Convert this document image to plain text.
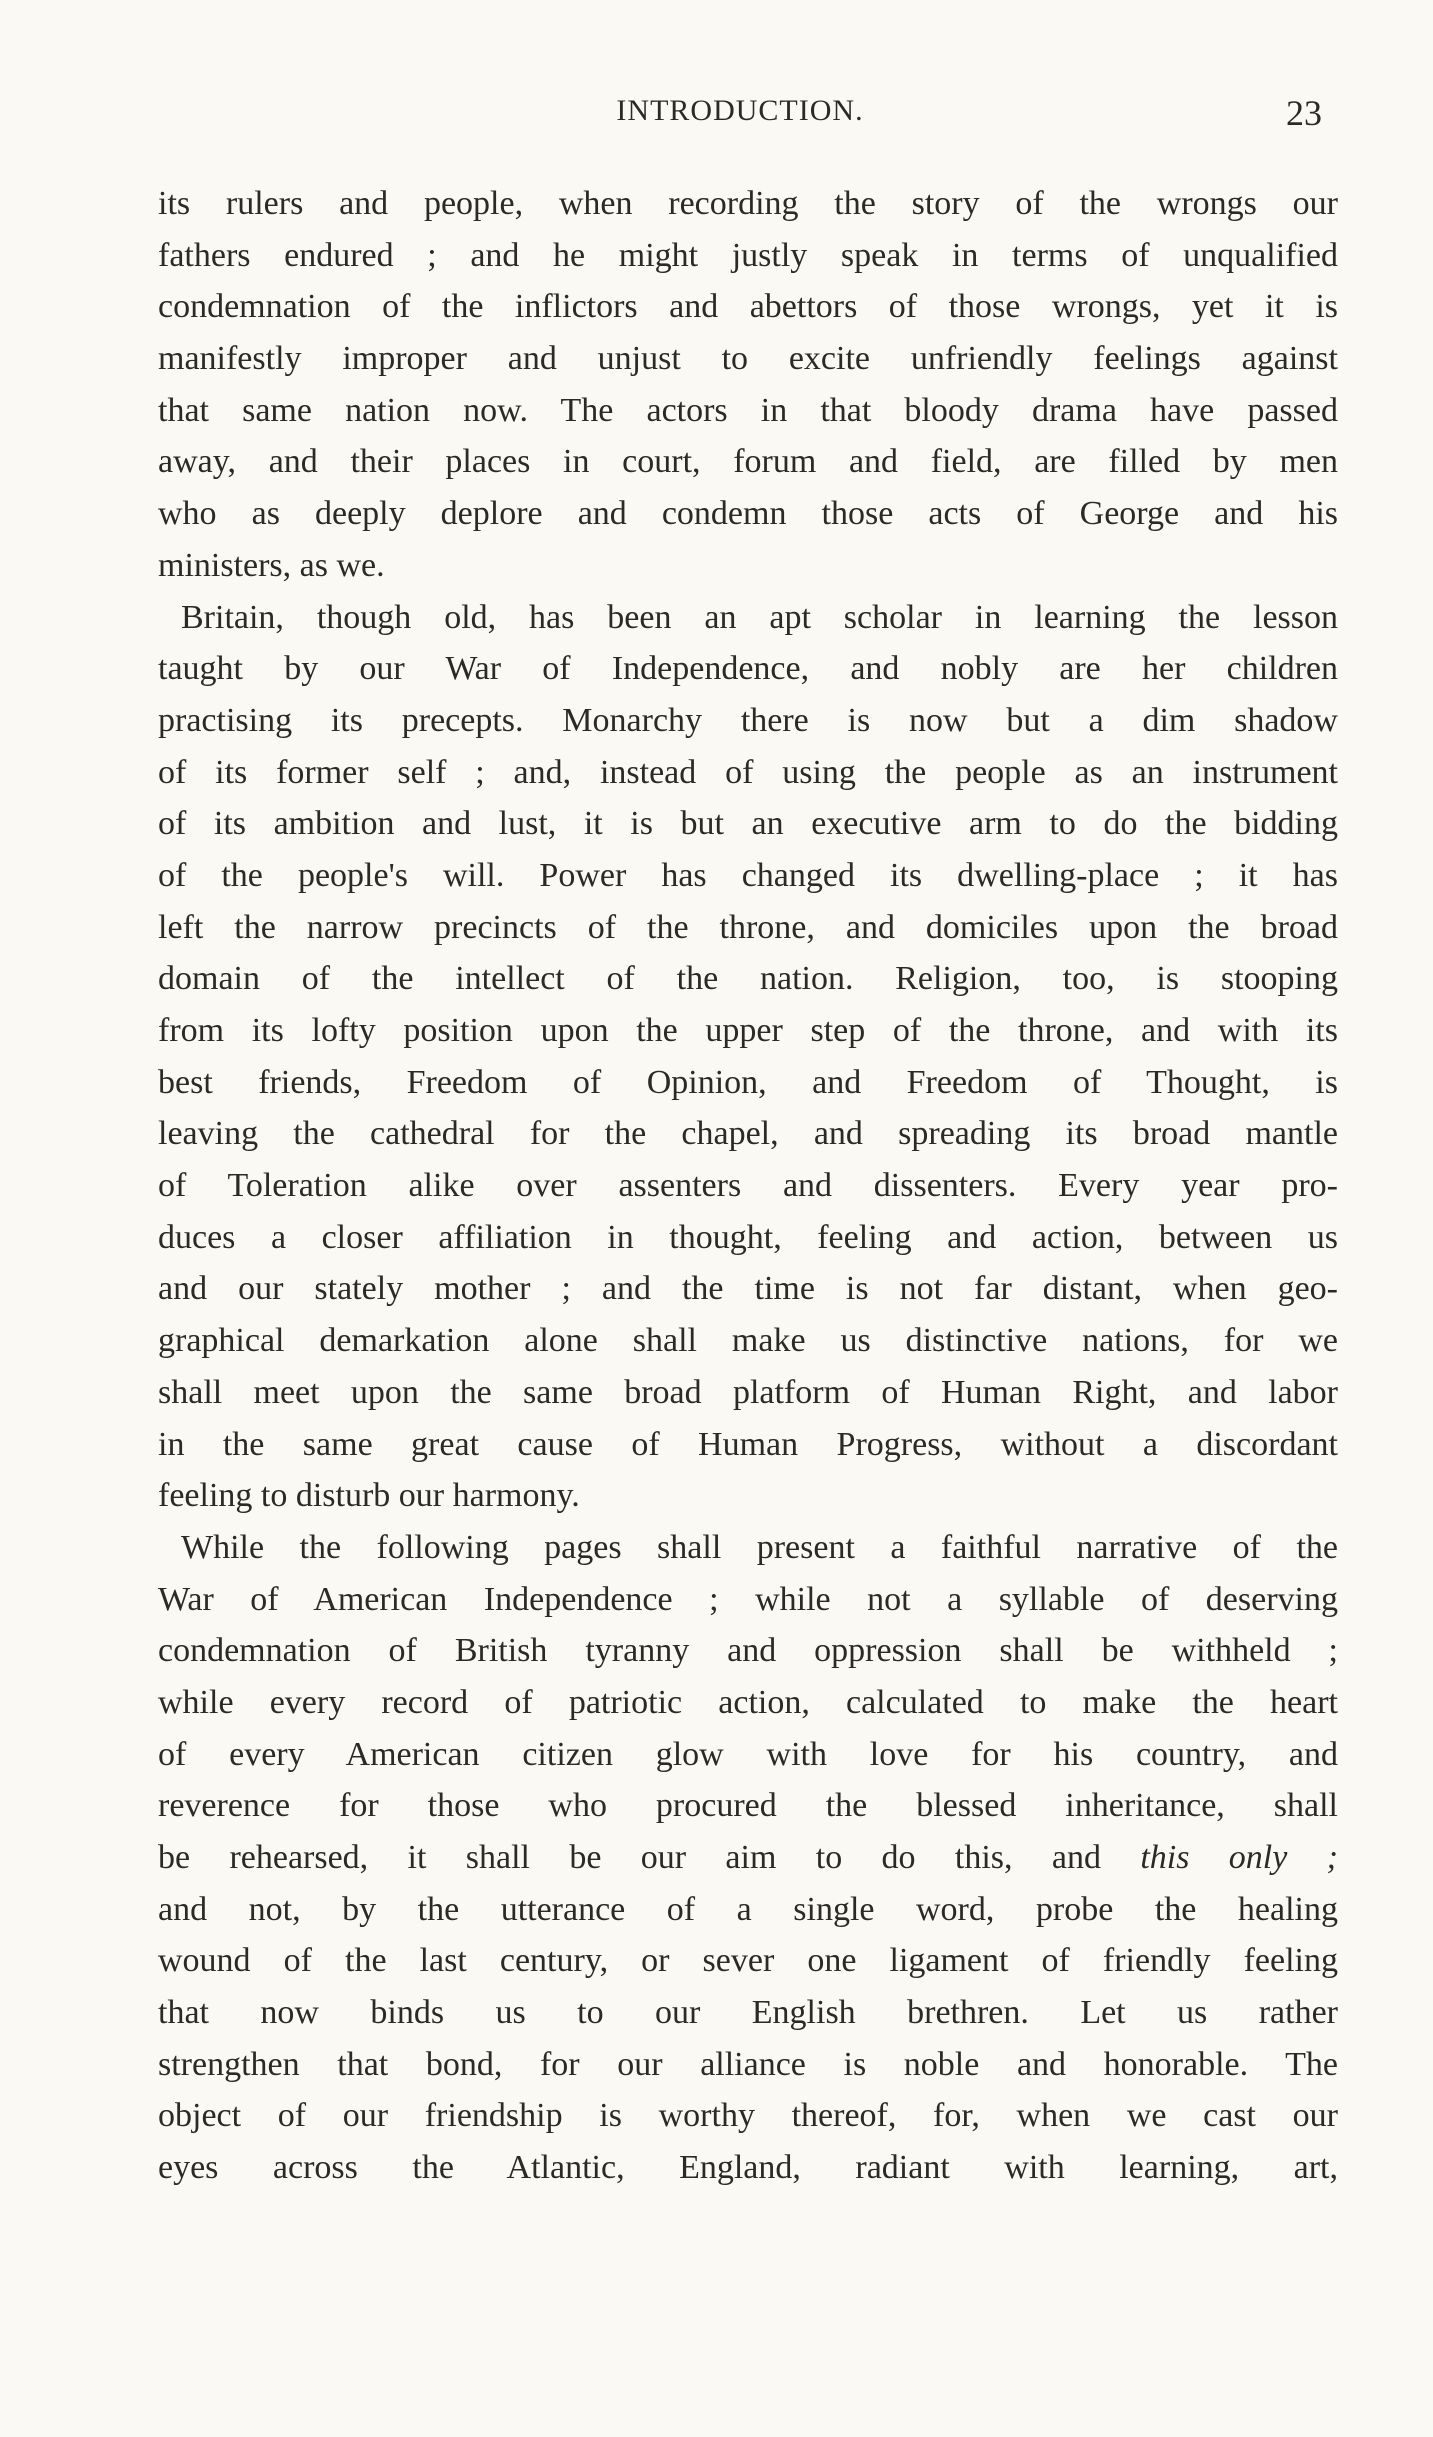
INTRODUCTION.	23
its rulers and people, when recording the story of the wrongs our
fathers endured ; and he might justly speak in terms of unqualified
condemnation of the inflictors and abettors of those wrongs, yet it is
manifestly improper and unjust to excite unfriendly feelings against
that same nation now. The actors in that bloody drama have passed
away, and their places in court, forum and field, are filled by men
who as deeply deplore and condemn those acts of George and his
ministers, as we.
Britain, though old, has been an apt scholar in learning the lesson
taught by our War of Independence, and nobly are her children
practising its precepts. Monarchy there is now but a dim shadow
of its former self ; and, instead of using the people as an instrument
of its ambition and lust, it is but an executive arm to do the bidding
of the people's will. Power has changed its dwelling-place ; it has
left the narrow precincts of the throne, and domiciles upon the broad
domain of the intellect of the nation. Religion, too, is stooping
from its lofty position upon the upper step of the throne, and with its
best friends, Freedom of Opinion, and Freedom of Thought, is
leaving the cathedral for the chapel, and spreading its broad mantle
of Toleration alike over assenters and dissenters. Every year pro-
duces a closer affiliation in thought, feeling and action, between us
and our stately mother ; and the time is not far distant, when geo-
graphical demarkation alone shall make us distinctive nations, for we
shall meet upon the same broad platform of Human Right, and labor
in the same great cause of Human Progress, without a discordant
feeling to disturb our harmony.
While the following pages shall present a faithful narrative of the
War of American Independence ; while not a syllable of deserving
condemnation of British tyranny and oppression shall be withheld ;
while every record of patriotic action, calculated to make the heart
of every American citizen glow with love for his country, and
reverence for those who procured the blessed inheritance, shall
be rehearsed, it shall be our aim to do this, and this only ;
and not, by the utterance of a single word, probe the healing
wound of the last century, or sever one ligament of friendly feeling
that now binds us to our English brethren. Let us rather
strengthen that bond, for our alliance is noble and honorable. The
object of our friendship is worthy thereof, for, when we cast our
eyes across the Atlantic, England, radiant with learning, art,
